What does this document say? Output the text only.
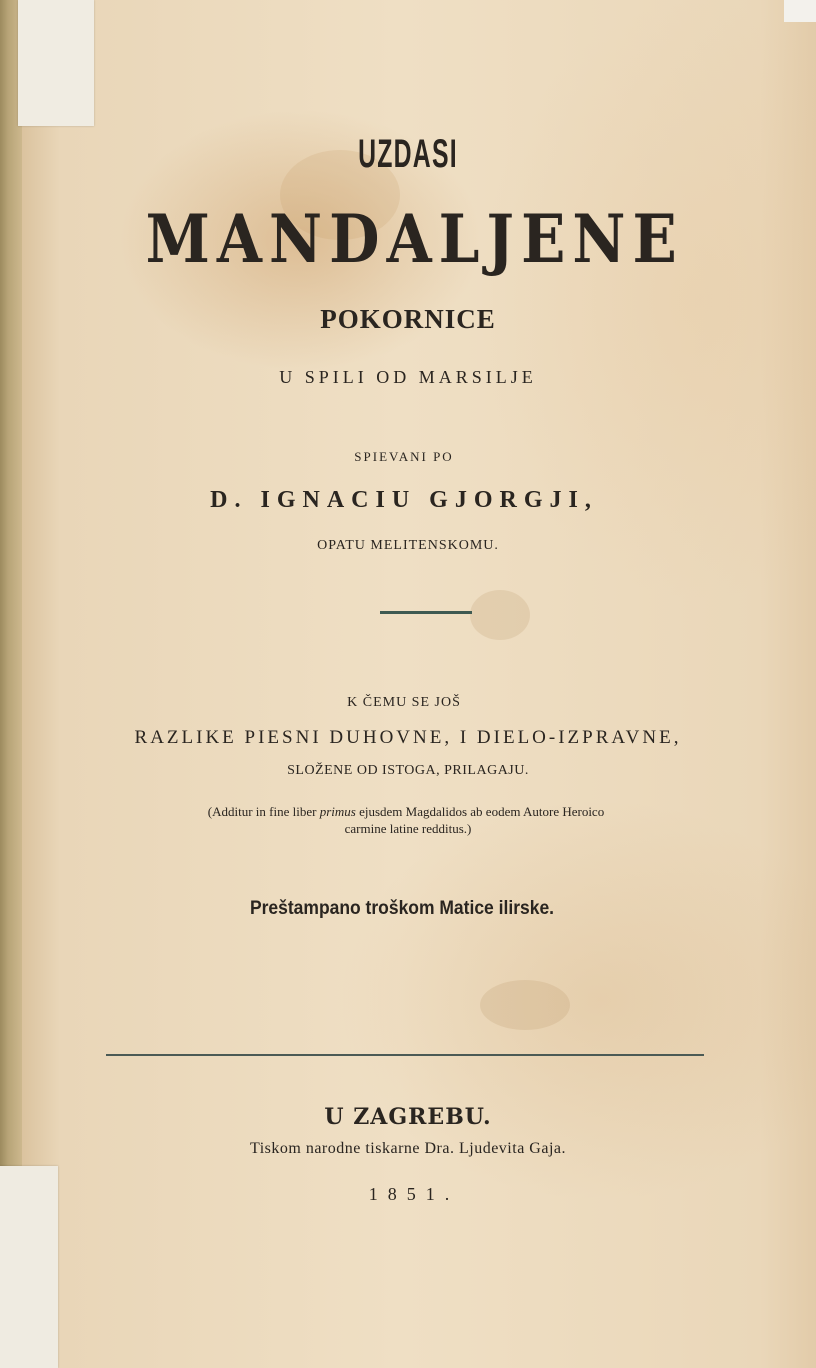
UZDASI
MANDALJENE
POKORNICE
U SPILI OD MARSILJE
SPIEVANI PO
D. IGNACIU GJORGJI,
OPATU MELITENSKOMU.
K ČEMU SE JOŠ
RAZLIKE PIESNI DUHOVNE, I DIELO-IZPRAVNE,
SLOŽENE OD ISTOGA, PRILAGAJU.
(Additur in fine liber primus ejusdem Magdalidos ab eodem Autore Heroico
carmine latine redditus.)
Preštampano troškom Matice ilirske.
U ZAGREBU.
Tiskom narodne tiskarne Dra. Ljudevita Gaja.
1851.
